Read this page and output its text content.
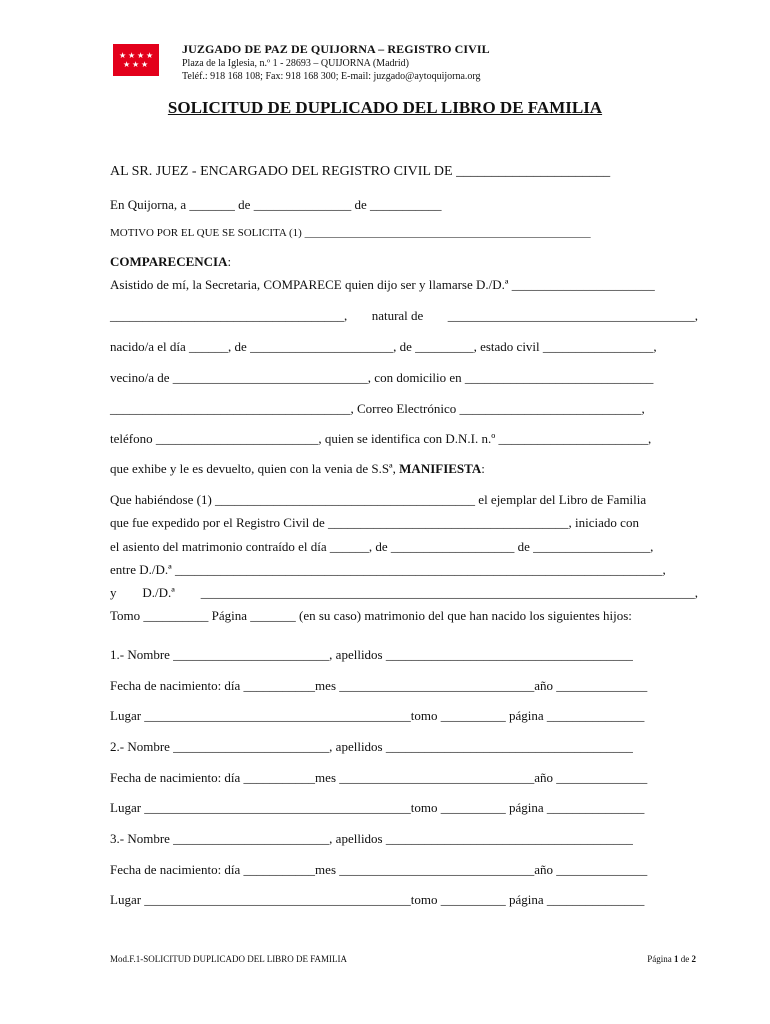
★ ★ ★ ★
★ ★ ★
JUZGADO DE PAZ DE QUIJORNA – REGISTRO CIVIL
Plaza de la Iglesia, n.º 1 - 28693 – QUIJORNA (Madrid)
Teléf.: 918 168 108; Fax: 918 168 300; E-mail: juzgado@aytoquijorna.org
SOLICITUD DE DUPLICADO DEL LIBRO DE FAMILIA
AL SR. JUEZ - ENCARGADO DEL REGISTRO CIVIL DE ______________________
En Quijorna, a _______ de _______________ de ___________
MOTIVO POR EL QUE SE SOLICITA (1) ____________________________________________________
COMPARECENCIA:
Asistido de mí, la Secretaria, COMPARECE quien dijo ser y llamarse D./D.ª ______________________
____________________________________, natural de ______________________________________,
nacido/a el día ______, de ______________________, de _________, estado civil _________________,
vecino/a de ______________________________, con domicilio en _____________________________
_____________________________________, Correo Electrónico ____________________________,
teléfono _________________________, quien se identifica con D.N.I. n.º _______________________,
que exhibe y le es devuelto, quien con la venia de S.Sª, MANIFIESTA:
Que habiéndose (1) ________________________________________ el ejemplar del Libro de Familia
que fue expedido por el Registro Civil de _____________________________________, iniciado con
el asiento del matrimonio contraído el día ______, de ___________________ de __________________,
entre D./D.ª ___________________________________________________________________________,
y D./D.ª ____________________________________________________________________________,
Tomo __________ Página _______ (en su caso) matrimonio del que han nacido los siguientes hijos:
1.- Nombre ________________________, apellidos ______________________________________
Fecha de nacimiento: día ___________mes ______________________________año ______________
Lugar _________________________________________tomo __________ página _______________
2.- Nombre ________________________, apellidos ______________________________________
Fecha de nacimiento: día ___________mes ______________________________año ______________
Lugar _________________________________________tomo __________ página _______________
3.- Nombre ________________________, apellidos ______________________________________
Fecha de nacimiento: día ___________mes ______________________________año ______________
Lugar _________________________________________tomo __________ página _______________
Mod.F.1-SOLICITUD DUPLICADO DEL LIBRO DE FAMILIA	Página 1 de 2
